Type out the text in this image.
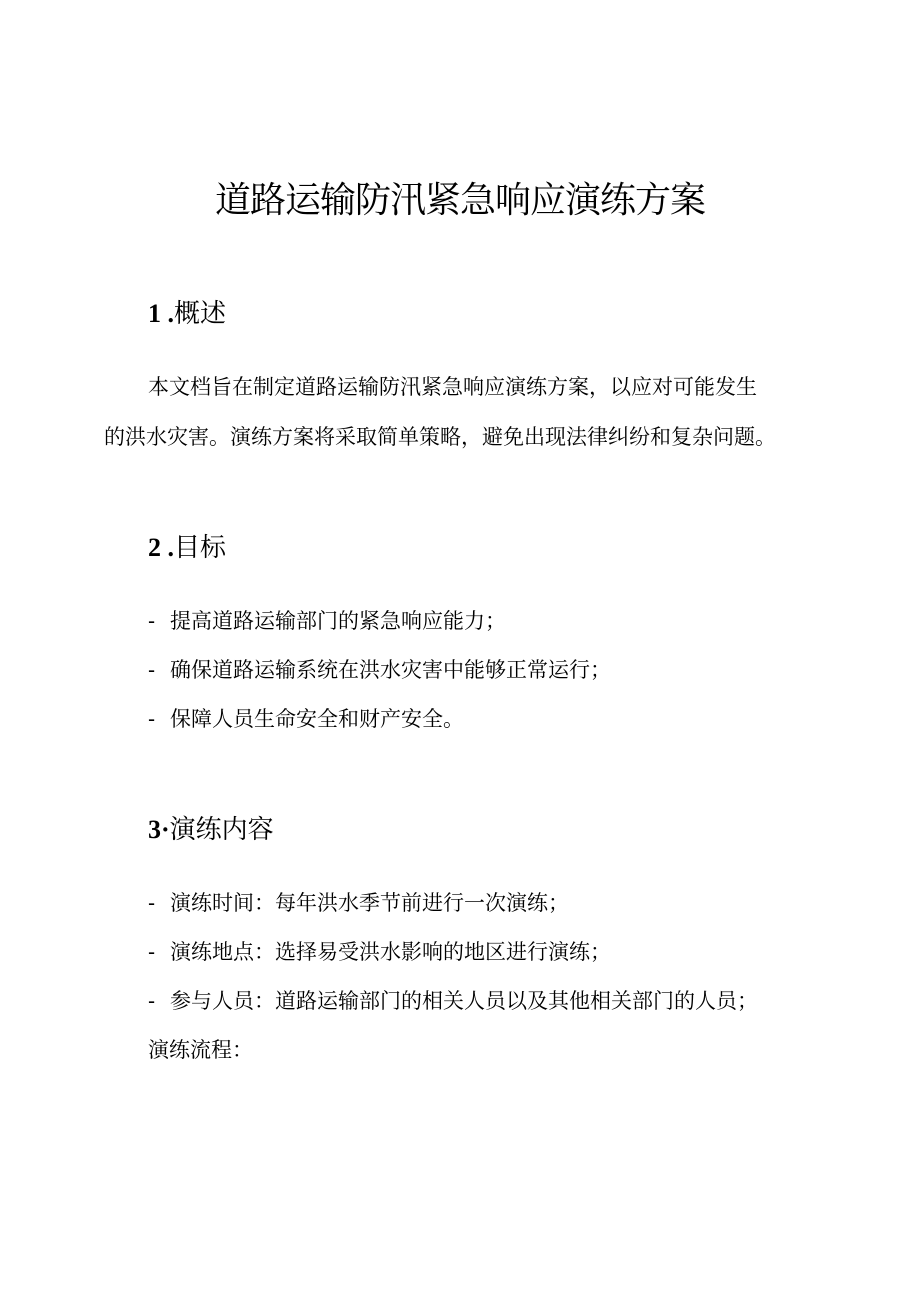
道路运输防汛紧急响应演练方案
1 .概述

本文档旨在制定道路运输防汛紧急响应演练方案，以应对可能发生

的洪水灾害。演练方案将采取简单策略，避免出现法律纠纷和复杂问题。

2 .目标

- 提高道路运输部门的紧急响应能力；

- 确保道路运输系统在洪水灾害中能够正常运行；

- 保障人员生命安全和财产安全。

3·演练内容

- 演练时间：每年洪水季节前进行一次演练；

- 演练地点：选择易受洪水影响的地区进行演练；

- 参与人员：道路运输部门的相关人员以及其他相关部门的人员；

演练流程：
